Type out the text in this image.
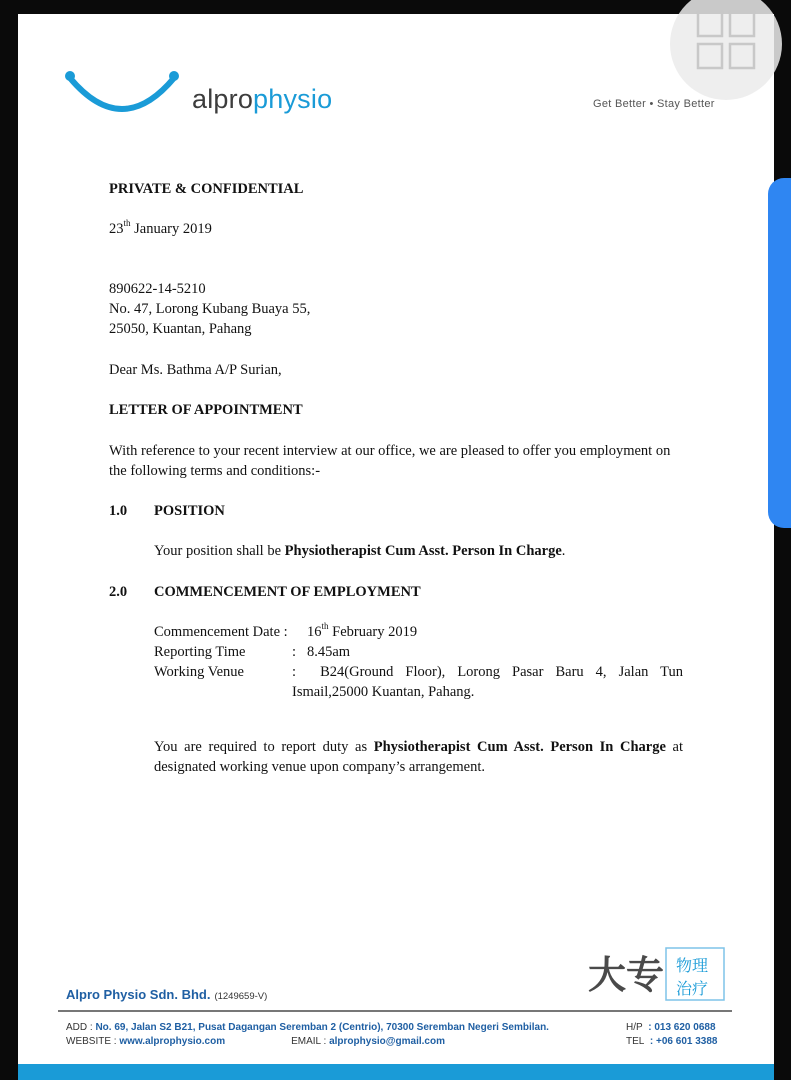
alprophysio	Get Better • Stay Better

PRIVATE & CONFIDENTIAL

23th January 2019

890622-14-5210

No. 47, Lorong Kubang Buaya 55,

25050, Kuantan, Pahang

Dear Ms. Bathma A/P Surian,

LETTER OF APPOINTMENT

With reference to your recent interview at our office, we are pleased to offer you employment on the following terms and conditions:-

1.0 POSITION

Your position shall be Physiotherapist Cum Asst. Person In Charge.

2.0 COMMENCEMENT OF EMPLOYMENT
Commencement Date : 16th February 2019
Reporting Time	: 8.45am
Working Venue	: B24(Ground Floor), Lorong Pasar Baru 4, Jalan Tun Ismail,25000 Kuantan, Pahang.

You are required to report duty as Physiotherapist Cum Asst. Person In Charge at designated working venue upon company’s arrangement.

大专 物理
治疗
Alpro Physio Sdn. Bhd. (1249659-V)
ADD : No. 69, Jalan S2 B21, Pusat Dagangan Seremban 2 (Centrio), 70300 Seremban Negeri Sembilan.
WEBSITE : www.alprophysio.com	EMAIL : alprophysio@gmail.com
H/P : 013 620 0688
TEL : +06 601 3388
